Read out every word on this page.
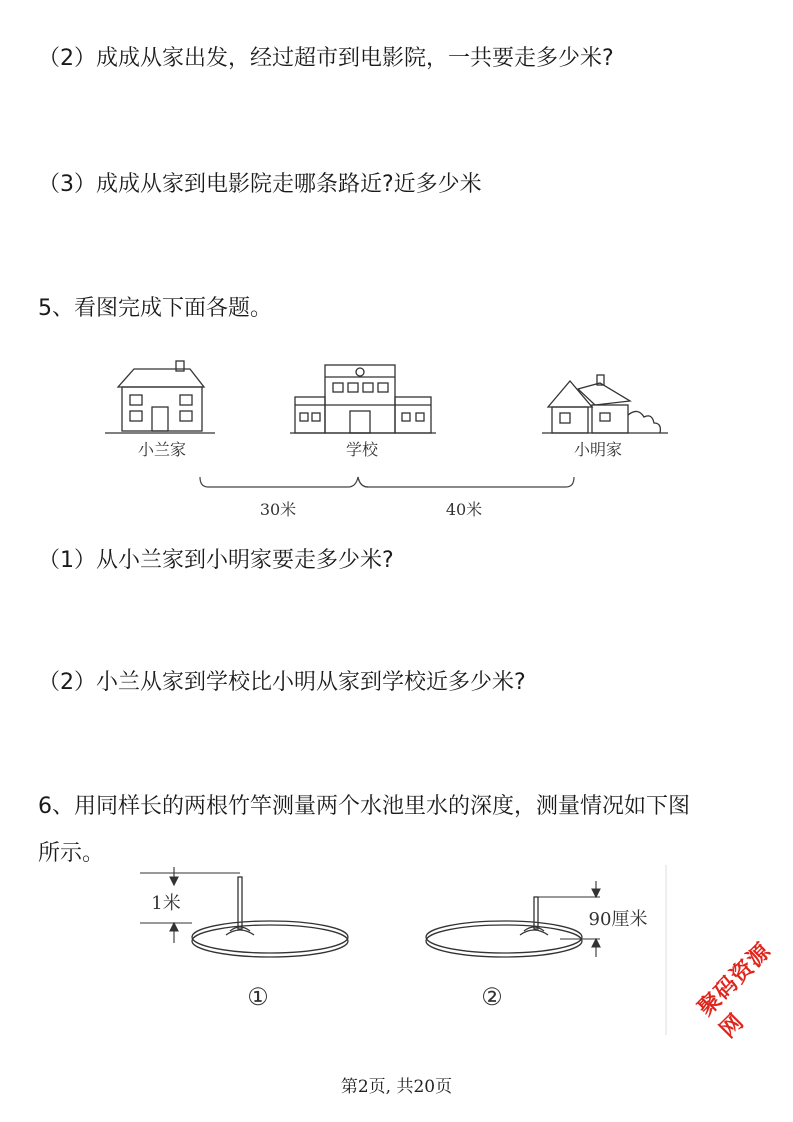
（2）成成从家出发，经过超市到电影院，一共要走多少米?
（3）成成从家到电影院走哪条路近?近多少米
5、看图完成下面各题。
小兰家	学校	小明家
30米	40米
（1）从小兰家到小明家要走多少米?
（2）小兰从家到学校比小明从家到学校近多少米?
6、用同样长的两根竹竿测量两个水池里水的深度，测量情况如下图
所示。
1米
①
90厘米
②
第2页, 共20页
聚码资源网
